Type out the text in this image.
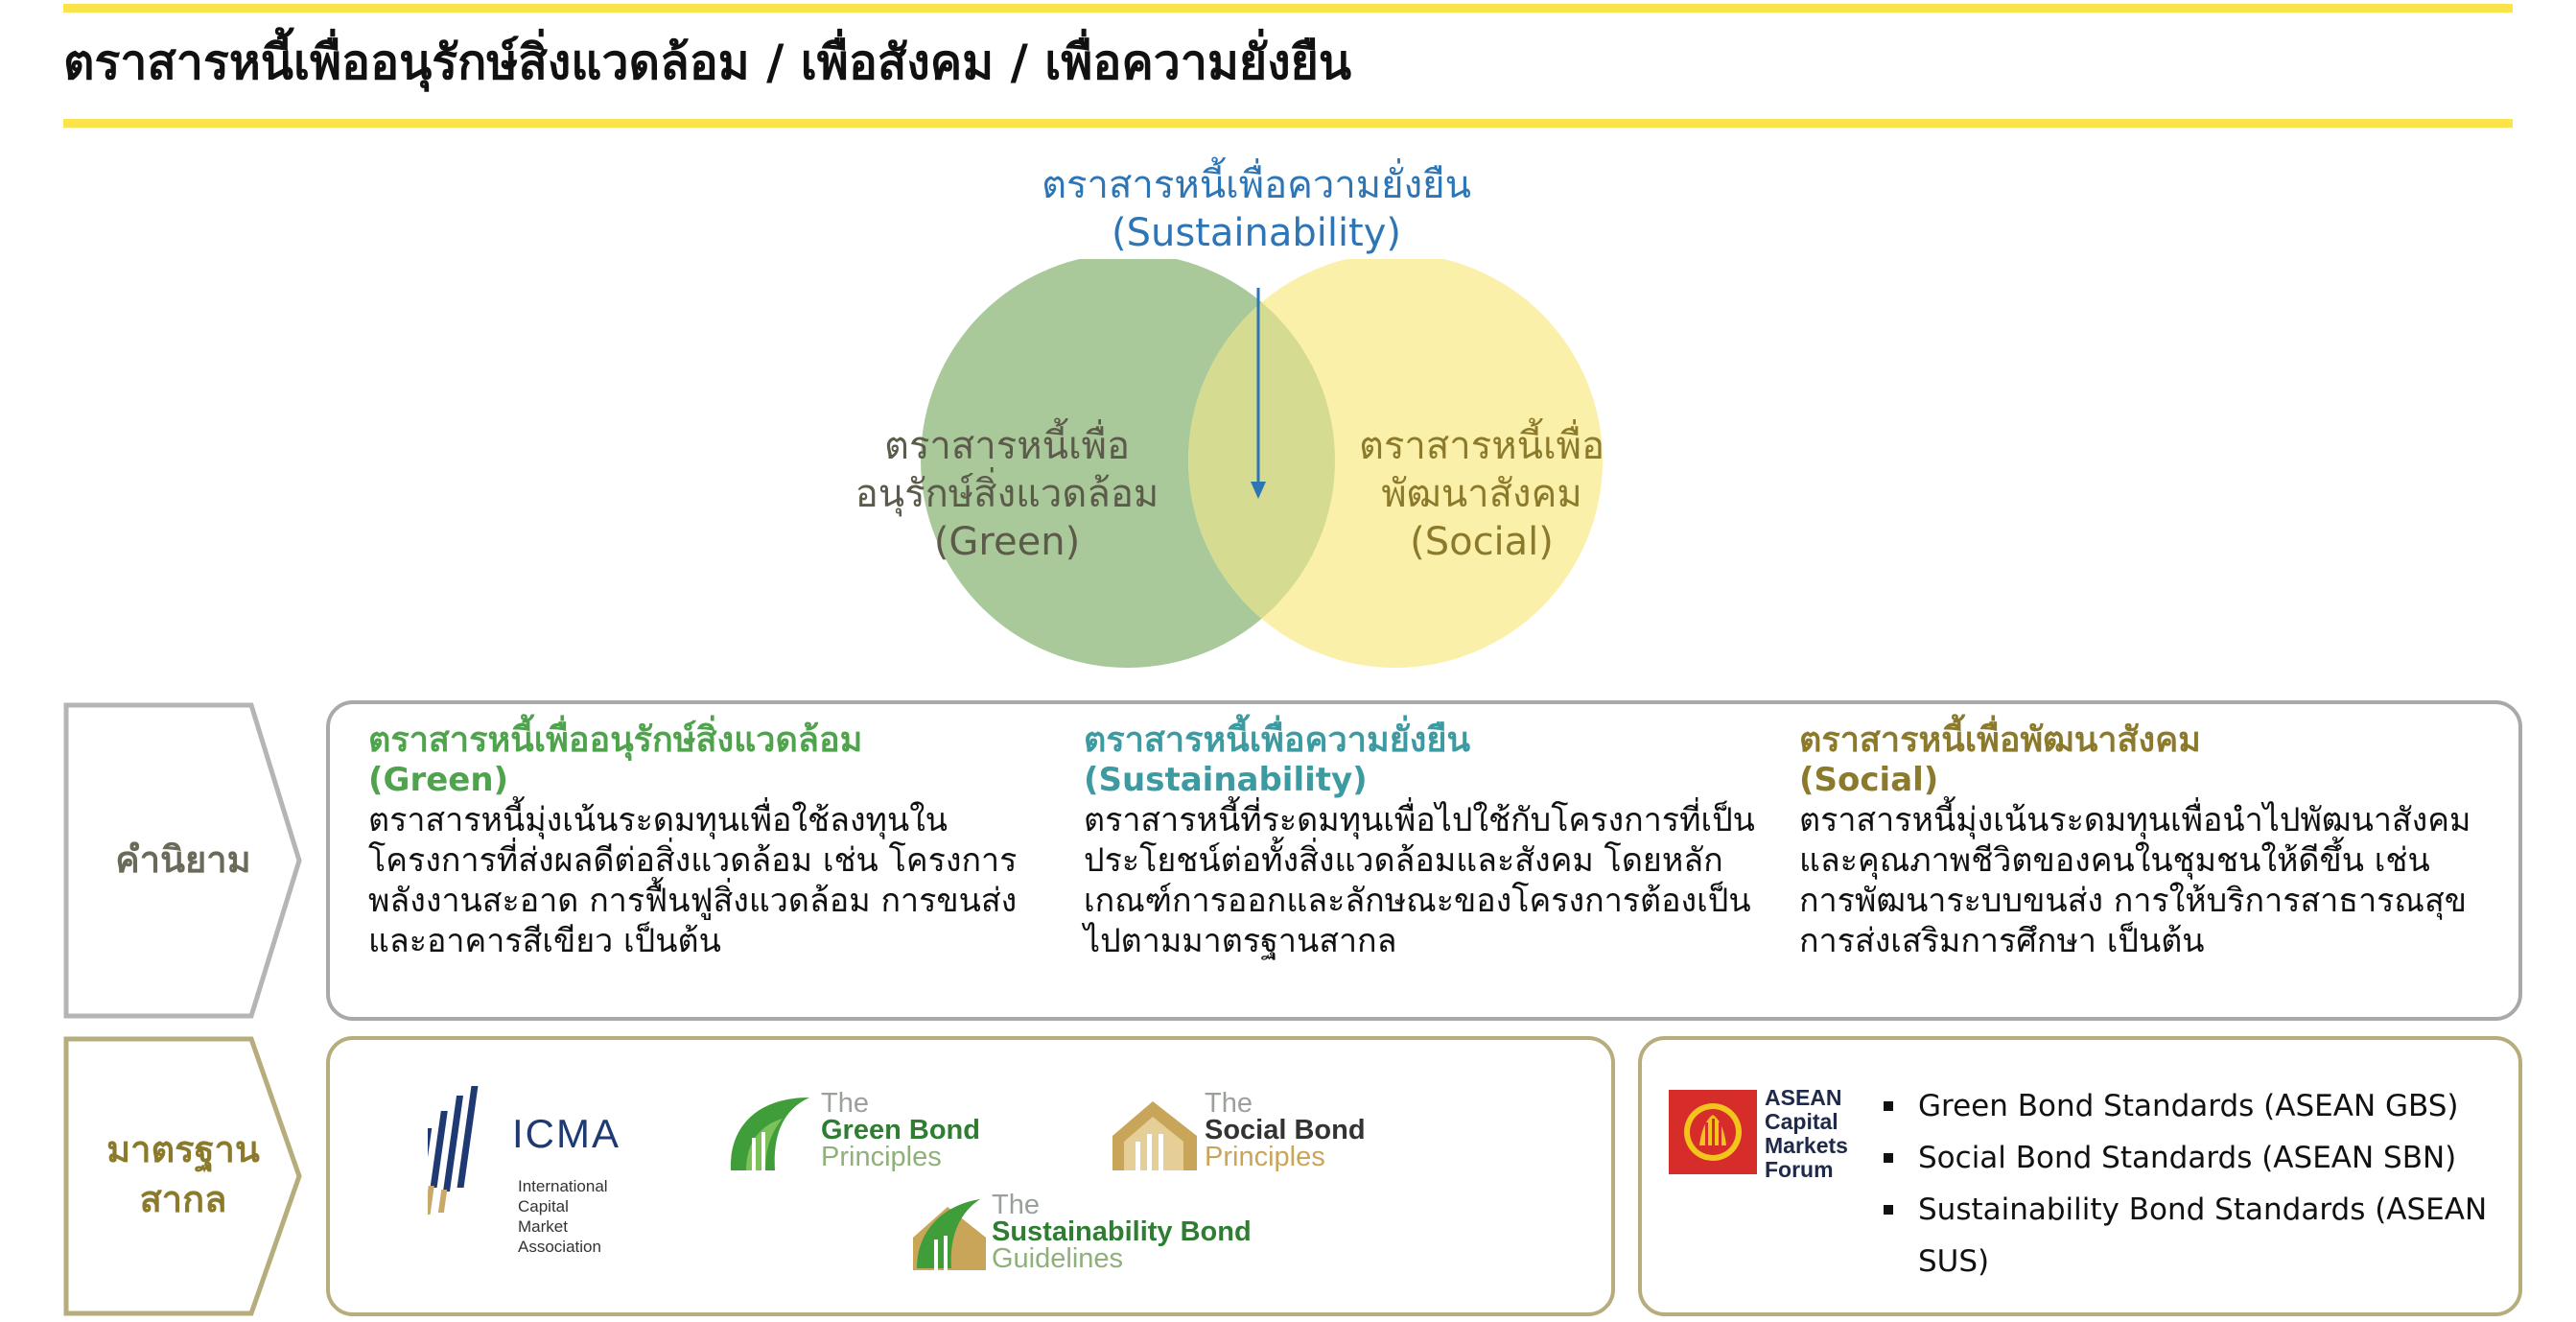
ตราสารหนี้เพื่ออนุรักษ์สิ่งแวดล้อม / เพื่อสังคม / เพื่อความยั่งยืน
ตราสารหนี้เพื่อความยั่งยืน
(Sustainability)
ตราสารหนี้เพื่อ
อนุรักษ์สิ่งแวดล้อม
(Green)
ตราสารหนี้เพื่อ
พัฒนาสังคม
(Social)
คำนิยาม
ตราสารหนี้เพื่ออนุรักษ์สิ่งแวดล้อม
(Green)
ตราสารหนี้มุ่งเน้นระดมทุนเพื่อใช้ลงทุนในโครงการที่ส่งผลดีต่อสิ่งแวดล้อม เช่น โครงการพลังงานสะอาด การฟื้นฟูสิ่งแวดล้อม การขนส่ง และอาคารสีเขียว เป็นต้น
ตราสารหนี้เพื่อความยั่งยืน
(Sustainability)
ตราสารหนี้ที่ระดมทุนเพื่อไปใช้กับโครงการที่เป็นประโยชน์ต่อทั้งสิ่งแวดล้อมและสังคม โดยหลักเกณฑ์การออกและลักษณะของโครงการต้องเป็นไปตามมาตรฐานสากล
ตราสารหนี้เพื่อพัฒนาสังคม
(Social)
ตราสารหนี้มุ่งเน้นระดมทุนเพื่อนำไปพัฒนาสังคมและคุณภาพชีวิตของคนในชุมชนให้ดีขึ้น เช่น การพัฒนาระบบขนส่ง การให้บริการสาธารณสุข การส่งเสริมการศึกษา เป็นต้น
มาตรฐาน
สากล
ICMA
International
Capital
Market
Association
The
Green Bond
Principles
The
Social Bond
Principles
The
Sustainability Bond
Guidelines
ASEAN
Capital
Markets
Forum
Green Bond Standards (ASEAN GBS)
Social Bond Standards (ASEAN SBN)
Sustainability Bond Standards (ASEAN SUS)
